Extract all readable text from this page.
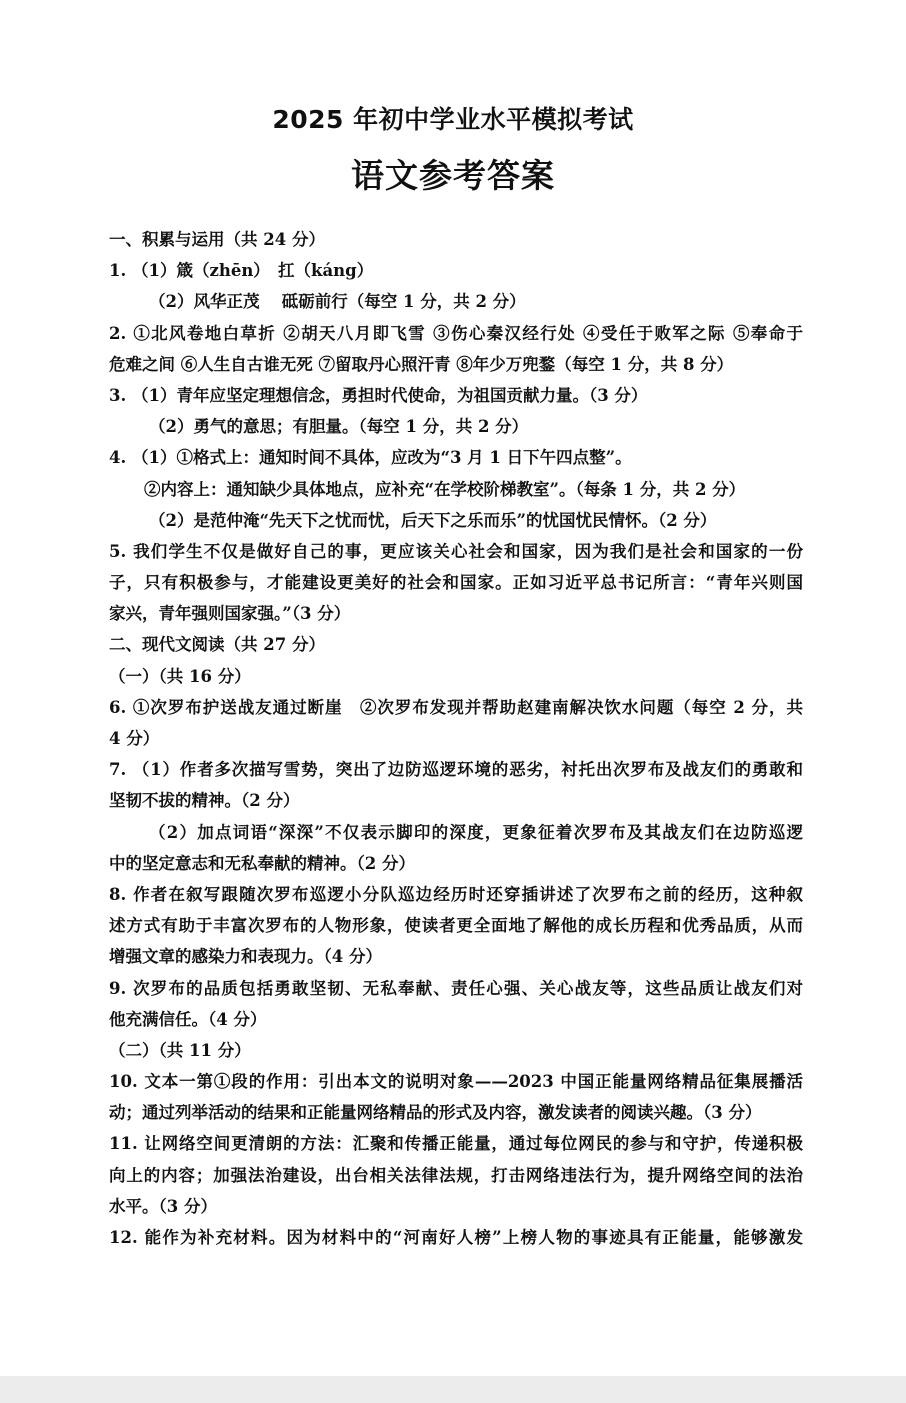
2025 年初中学业水平模拟考试
语文参考答案
一、积累与运用（共 24 分）
1. （1）箴（zhēn）　扛（káng）
（2）风华正茂　 砥砺前行（每空 1 分，共 2 分）
2. ①北风卷地白草折 ②胡天八月即飞雪 ③伤心秦汉经行处 ④受任于败军之际 ⑤奉命于
危难之间 ⑥人生自古谁无死 ⑦留取丹心照汗青 ⑧年少万兜鍪（每空 1 分，共 8 分）
3. （1）青年应坚定理想信念，勇担时代使命，为祖国贡献力量。（3 分）
（2）勇气的意思；有胆量。（每空 1 分，共 2 分）
4. （1）①格式上：通知时间不具体，应改为“3 月 1 日下午四点整”。
②内容上：通知缺少具体地点，应补充“在学校阶梯教室”。（每条 1 分，共 2 分）
（2）是范仲淹“先天下之忧而忧，后天下之乐而乐”的忧国忧民情怀。（2 分）
5. 我们学生不仅是做好自己的事，更应该关心社会和国家，因为我们是社会和国家的一份
子，只有积极参与，才能建设更美好的社会和国家。正如习近平总书记所言：“青年兴则国
家兴，青年强则国家强。”（3 分）
二、现代文阅读（共 27 分）
（一）（共 16 分）
6. ①次罗布护送战友通过断崖　②次罗布发现并帮助赵建南解决饮水问题（每空 2 分，共
4 分）
7. （1）作者多次描写雪势，突出了边防巡逻环境的恶劣，衬托出次罗布及战友们的勇敢和
坚韧不拔的精神。（2 分）
（2）加点词语“深深”不仅表示脚印的深度，更象征着次罗布及其战友们在边防巡逻
中的坚定意志和无私奉献的精神。（2 分）
8. 作者在叙写跟随次罗布巡逻小分队巡边经历时还穿插讲述了次罗布之前的经历，这种叙
述方式有助于丰富次罗布的人物形象，使读者更全面地了解他的成长历程和优秀品质，从而
增强文章的感染力和表现力。（4 分）
9. 次罗布的品质包括勇敢坚韧、无私奉献、责任心强、关心战友等，这些品质让战友们对
他充满信任。（4 分）
（二）（共 11 分）
10. 文本一第①段的作用：引出本文的说明对象——2023 中国正能量网络精品征集展播活
动；通过列举活动的结果和正能量网络精品的形式及内容，激发读者的阅读兴趣。（3 分）
11. 让网络空间更清朗的方法：汇聚和传播正能量，通过每位网民的参与和守护，传递积极
向上的内容；加强法治建设，出台相关法律法规，打击网络违法行为，提升网络空间的法治
水平。（3 分）
12. 能作为补充材料。因为材料中的“河南好人榜”上榜人物的事迹具有正能量，能够激发
